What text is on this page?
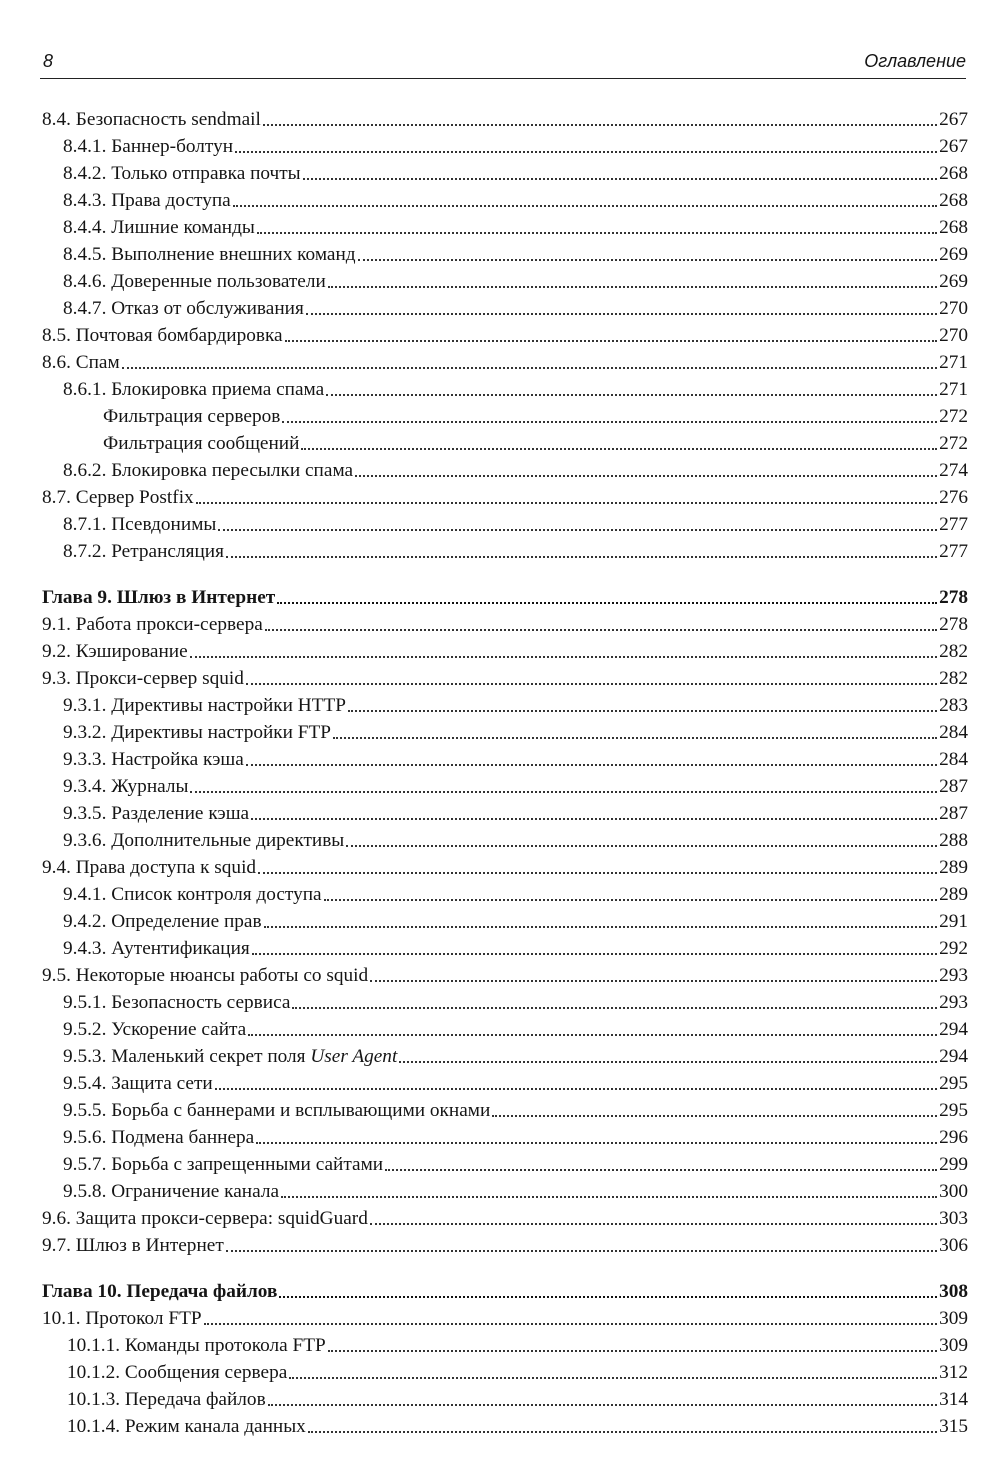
8	Оглавление
8.4. Безопасность sendmail	267
8.4.1. Баннер-болтун	267
8.4.2. Только отправка почты	268
8.4.3. Права доступа	268
8.4.4. Лишние команды	268
8.4.5. Выполнение внешних команд	269
8.4.6. Доверенные пользователи	269
8.4.7. Отказ от обслуживания	270
8.5. Почтовая бомбардировка	270
8.6. Спам	271
8.6.1. Блокировка приема спама	271
Фильтрация серверов	272
Фильтрация сообщений	272
8.6.2. Блокировка пересылки спама	274
8.7. Сервер Postfix	276
8.7.1. Псевдонимы	277
8.7.2. Ретрансляция	277
Глава 9. Шлюз в Интернет	278
9.1. Работа прокси-сервера	278
9.2. Кэширование	282
9.3. Прокси-сервер squid	282
9.3.1. Директивы настройки HTTP	283
9.3.2. Директивы настройки FTP	284
9.3.3. Настройка кэша	284
9.3.4. Журналы	287
9.3.5. Разделение кэша	287
9.3.6. Дополнительные директивы	288
9.4. Права доступа к squid	289
9.4.1. Список контроля доступа	289
9.4.2. Определение прав	291
9.4.3. Аутентификация	292
9.5. Некоторые нюансы работы со squid	293
9.5.1. Безопасность сервиса	293
9.5.2. Ускорение сайта	294
9.5.3. Маленький секрет поля User Agent	294
9.5.4. Защита сети	295
9.5.5. Борьба с баннерами и всплывающими окнами	295
9.5.6. Подмена баннера	296
9.5.7. Борьба с запрещенными сайтами	299
9.5.8. Ограничение канала	300
9.6. Защита прокси-сервера: squidGuard	303
9.7. Шлюз в Интернет	306
Глава 10. Передача файлов	308
10.1. Протокол FTP	309
10.1.1. Команды протокола FTP	309
10.1.2. Сообщения сервера	312
10.1.3. Передача файлов	314
10.1.4. Режим канала данных	315
